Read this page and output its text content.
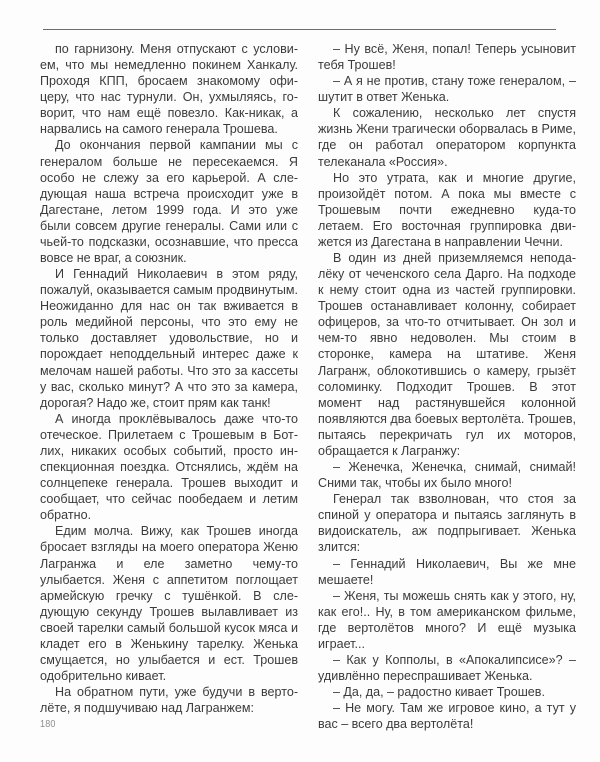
по гарнизону. Меня отпускают с условием, что мы немедленно покинем Ханкалу. Проходя КПП, бросаем знакомому офицеру, что нас турнули. Он, ухмыляясь, говорит, что нам ещё повезло. Как-никак, а нарвались на самого генерала Трошева.

До окончания первой кампании мы с генералом больше не пересекаемся. Я особо не слежу за его карьерой. А следующая наша встреча происходит уже в Дагестане, летом 1999 года. И это уже были совсем другие генералы. Сами или с чьей-то подсказки, осознавшие, что пресса вовсе не враг, а союзник.

И Геннадий Николаевич в этом ряду, пожалуй, оказывается самым продвинутым. Неожиданно для нас он так вживается в роль медийной персоны, что это ему не только доставляет удовольствие, но и порождает неподдельный интерес даже к мелочам нашей работы. Что это за кассеты у вас, сколько минут? А что это за камера, дорогая? Надо же, стоит прям как танк!

А иногда проклёвывалось даже что-то отеческое. Прилетаем с Трошевым в Ботлих, никаких особых событий, просто инспекционная поездка. Отснялись, ждём на солнцепеке генерала. Трошев выходит и сообщает, что сейчас пообедаем и летим обратно.

Едим молча. Вижу, как Трошев иногда бросает взгляды на моего оператора Женю Лагранжа и еле заметно чему-то улыбается. Женя с аппетитом поглощает армейскую гречку с тушёнкой. В следующую секунду Трошев вылавливает из своей тарелки самый большой кусок мяса и кладет его в Женькину тарелку. Женька смущается, но улыбается и ест. Трошев одобрительно кивает.

На обратном пути, уже будучи в вертолёте, я подшучиваю над Лагранжем:

– Ну всё, Женя, попал! Теперь усыновит тебя Трошев!

– А я не против, стану тоже генералом, – шутит в ответ Женька.

К сожалению, несколько лет спустя жизнь Жени трагически оборвалась в Риме, где он работал оператором корпункта телеканала «Россия».

Но это утрата, как и многие другие, произойдёт потом. А пока мы вместе с Трошевым почти ежедневно куда-то летаем. Его восточная группировка движется из Дагестана в направлении Чечни.

В один из дней приземляемся неподалёку от чеченского села Дарго. На подходе к нему стоит одна из частей группировки. Трошев останавливает колонну, собирает офицеров, за что-то отчитывает. Он зол и чем-то явно недоволен. Мы стоим в сторонке, камера на штативе. Женя Лагранж, облокотившись о камеру, грызёт соломинку. Подходит Трошев. В этот момент над растянувшейся колонной появляются два боевых вертолёта. Трошев, пытаясь перекричать гул их моторов, обращается к Лагранжу:

– Женечка, Женечка, снимай, снимай! Сними так, чтобы их было много!

Генерал так взволнован, что стоя за спиной у оператора и пытаясь заглянуть в видоискатель, аж подпрыгивает. Женька злится:

– Геннадий Николаевич, Вы же мне мешаете!

– Женя, ты можешь снять как у этого, ну, как его!.. Ну, в том американском фильме, где вертолётов много? И ещё музыка играет...

– Как у Копполы, в «Апокалипсисе»? – удивлённо переспрашивает Женька.

– Да, да, – радостно кивает Трошев.

– Не могу. Там же игровое кино, а тут у вас – всего два вертолёта!

180
